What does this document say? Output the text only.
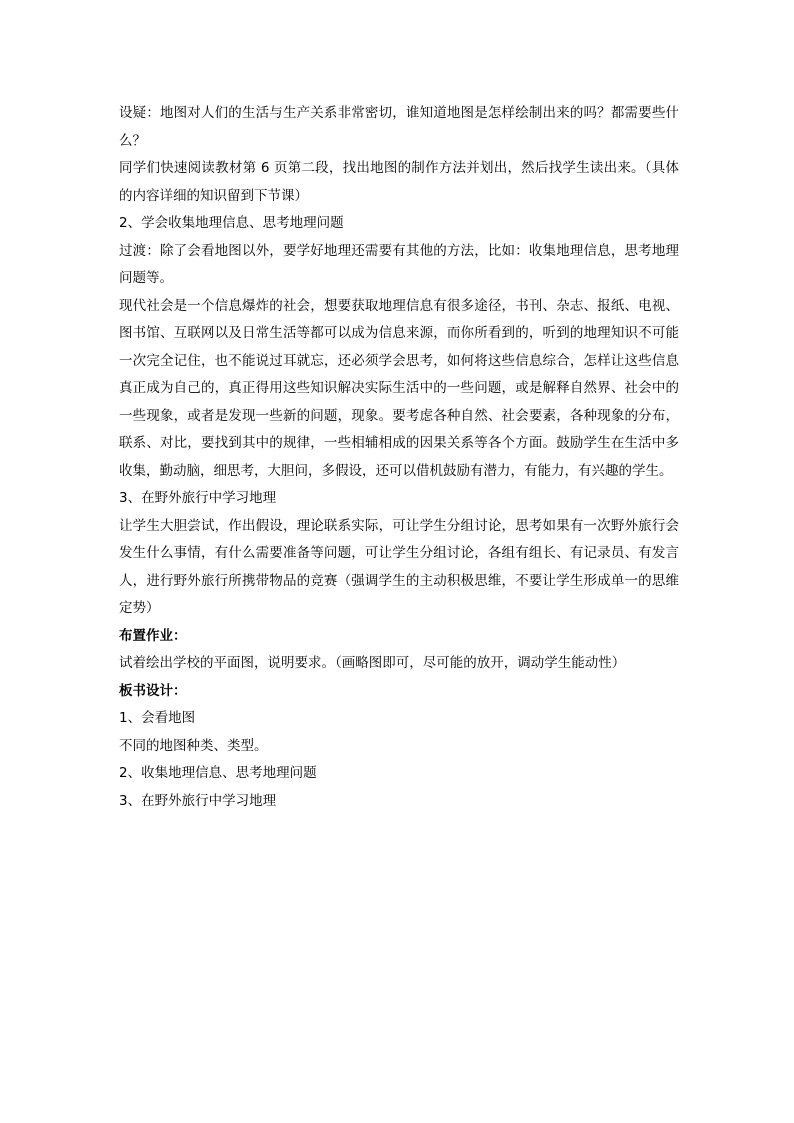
设疑：地图对人们的生活与生产关系非常密切，谁知道地图是怎样绘制出来的吗？都需要些什么？

同学们快速阅读教材第 6 页第二段，找出地图的制作方法并划出，然后找学生读出来。（具体的内容详细的知识留到下节课）

2、学会收集地理信息、思考地理问题

过渡：除了会看地图以外，要学好地理还需要有其他的方法，比如：收集地理信息，思考地理问题等。

现代社会是一个信息爆炸的社会，想要获取地理信息有很多途径，书刊、杂志、报纸、电视、图书馆、互联网以及日常生活等都可以成为信息来源，而你所看到的，听到的地理知识不可能一次完全记住，也不能说过耳就忘，还必须学会思考，如何将这些信息综合，怎样让这些信息真正成为自己的，真正得用这些知识解决实际生活中的一些问题，或是解释自然界、社会中的一些现象，或者是发现一些新的问题，现象。要考虑各种自然、社会要素，各种现象的分布，联系、对比，要找到其中的规律，一些相辅相成的因果关系等各个方面。鼓励学生在生活中多收集，勤动脑，细思考，大胆问，多假设，还可以借机鼓励有潜力，有能力，有兴趣的学生。

3、在野外旅行中学习地理

让学生大胆尝试，作出假设，理论联系实际，可让学生分组讨论，思考如果有一次野外旅行会发生什么事情，有什么需要准备等问题，可让学生分组讨论，各组有组长、有记录员、有发言人，进行野外旅行所携带物品的竞赛（强调学生的主动积极思维，不要让学生形成单一的思维定势）

布置作业：

试着绘出学校的平面图，说明要求。（画略图即可，尽可能的放开，调动学生能动性）

板书设计：

1、会看地图

不同的地图种类、类型。

2、收集地理信息、思考地理问题

3、在野外旅行中学习地理
